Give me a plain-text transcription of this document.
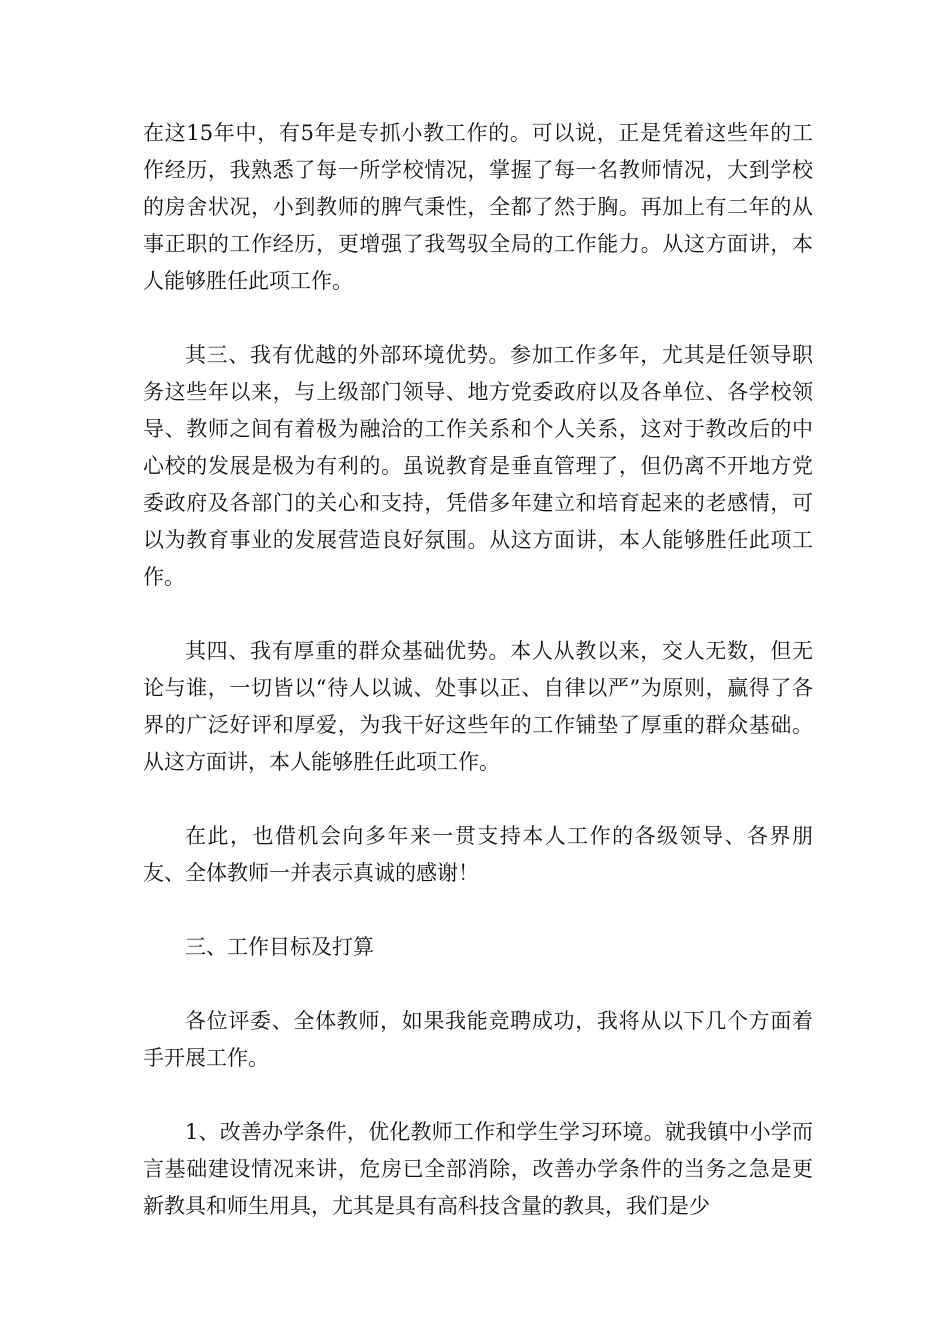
在这15年中，有5年是专抓小教工作的。可以说，正是凭着这些年的工作经历，我熟悉了每一所学校情况，掌握了每一名教师情况，大到学校的房舍状况，小到教师的脾气秉性，全都了然于胸。再加上有二年的从事正职的工作经历，更增强了我驾驭全局的工作能力。从这方面讲，本人能够胜任此项工作。

其三、我有优越的外部环境优势。参加工作多年，尤其是任领导职务这些年以来，与上级部门领导、地方党委政府以及各单位、各学校领导、教师之间有着极为融洽的工作关系和个人关系，这对于教改后的中心校的发展是极为有利的。虽说教育是垂直管理了，但仍离不开地方党委政府及各部门的关心和支持，凭借多年建立和培育起来的老感情，可以为教育事业的发展营造良好氛围。从这方面讲，本人能够胜任此项工作。

其四、我有厚重的群众基础优势。本人从教以来，交人无数，但无论与谁，一切皆以“待人以诚、处事以正、自律以严”为原则，赢得了各界的广泛好评和厚爱，为我干好这些年的工作铺垫了厚重的群众基础。从这方面讲，本人能够胜任此项工作。

在此，也借机会向多年来一贯支持本人工作的各级领导、各界朋友、全体教师一并表示真诚的感谢！

三、工作目标及打算

各位评委、全体教师，如果我能竞聘成功，我将从以下几个方面着手开展工作。

1、改善办学条件，优化教师工作和学生学习环境。就我镇中小学而言基础建设情况来讲，危房已全部消除，改善办学条件的当务之急是更新教具和师生用具，尤其是具有高科技含量的教具，我们是少
